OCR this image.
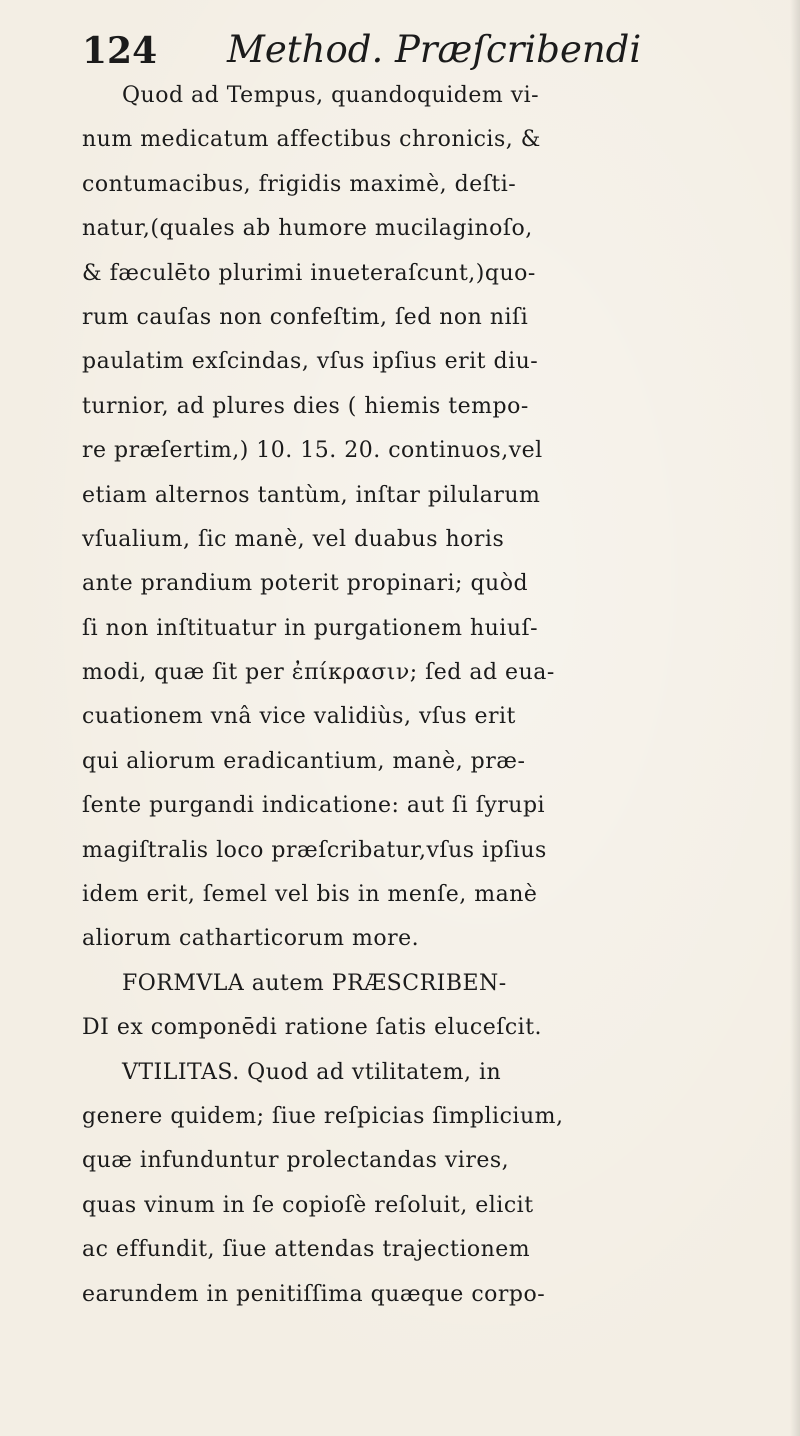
124 Method. Præſcribendi
Quod ad Tempus, quandoquidem vi-
num medicatum affectibus chronicis, &
contumacibus, frigidis maximè, deſti-
natur,(quales ab humore mucilaginoſo,
& fæculēto plurimi inueteraſcunt,)quo-
rum cauſas non confeſtim, ſed non niſi
paulatim exſcindas, vſus ipſius erit diu-
turnior, ad plures dies ( hiemis tempo-
re præſertim,) 10. 15. 20. continuos,vel
etiam alternos tantùm, inſtar pilularum
vſualium, ſic manè, vel duabus horis
ante prandium poterit propinari; quòd
ſi non inſtituatur in purgationem huiuſ-
modi, quæ ſit per ἐπίκρασιν; ſed ad eua-
cuationem vnâ vice validiùs, vſus erit
qui aliorum eradicantium, manè, præ-
ſente purgandi indicatione: aut ſi ſyrupi
magiſtralis loco præſcribatur,vſus ipſius
idem erit, ſemel vel bis in menſe, manè
aliorum catharticorum more.
FORMVLA autem PRÆSCRIBEN-
DI ex componēdi ratione ſatis eluceſcit.
VTILITAS. Quod ad vtilitatem, in
genere quidem; ſiue reſpicias ſimplicium,
quæ infunduntur prolectandas vires,
quas vinum in ſe copioſè reſoluit, elicit
ac effundit, ſiue attendas trajectionem
earundem in penitiſſima quæque corpo-
